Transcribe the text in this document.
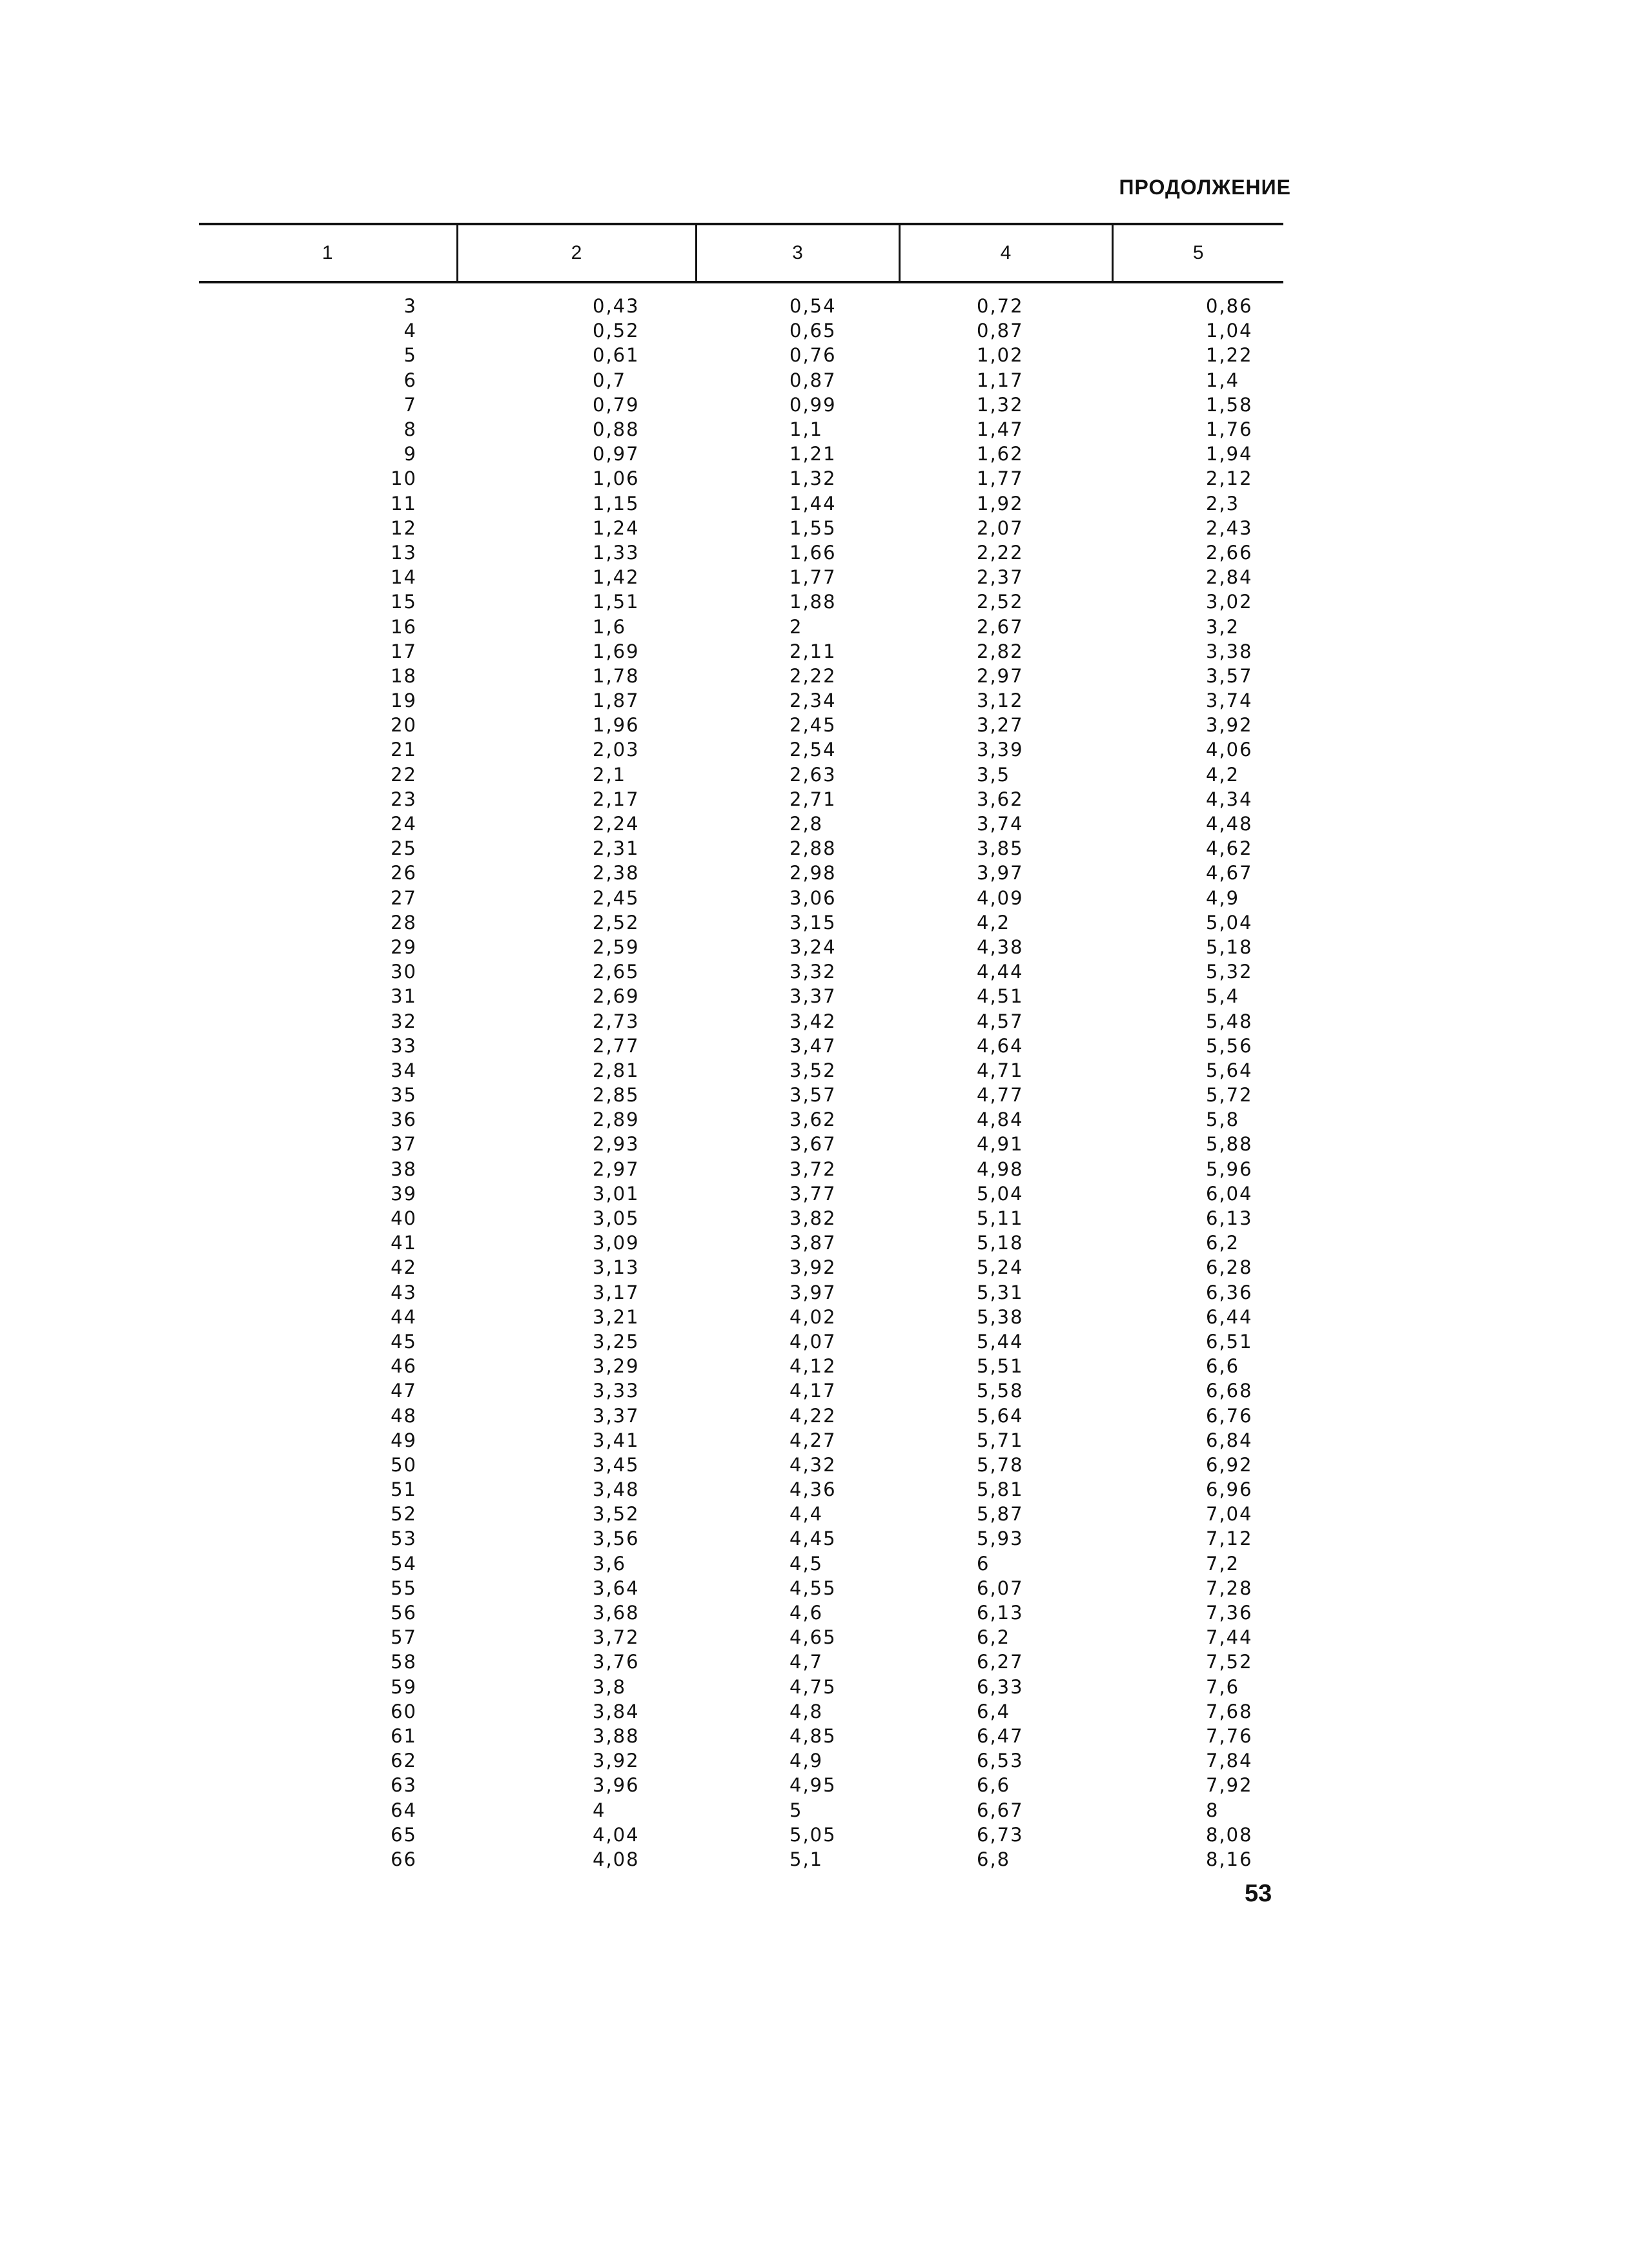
ПРОДОЛЖЕНИЕ
1	2	3	4	5

3	0,43	0,54	0,72	0,86
4	0,52	0,65	0,87	1,04
5	0,61	0,76	1,02	1,22
6	0,7	0,87	1,17	1,4
7	0,79	0,99	1,32	1,58
8	0,88	1,1	1,47	1,76
9	0,97	1,21	1,62	1,94
10	1,06	1,32	1,77	2,12
11	1,15	1,44	1,92	2,3
12	1,24	1,55	2,07	2,43
13	1,33	1,66	2,22	2,66
14	1,42	1,77	2,37	2,84
15	1,51	1,88	2,52	3,02
16	1,6	2	2,67	3,2
17	1,69	2,11	2,82	3,38
18	1,78	2,22	2,97	3,57
19	1,87	2,34	3,12	3,74
20	1,96	2,45	3,27	3,92
21	2,03	2,54	3,39	4,06
22	2,1	2,63	3,5	4,2
23	2,17	2,71	3,62	4,34
24	2,24	2,8	3,74	4,48
25	2,31	2,88	3,85	4,62
26	2,38	2,98	3,97	4,67
27	2,45	3,06	4,09	4,9
28	2,52	3,15	4,2	5,04
29	2,59	3,24	4,38	5,18
30	2,65	3,32	4,44	5,32
31	2,69	3,37	4,51	5,4
32	2,73	3,42	4,57	5,48
33	2,77	3,47	4,64	5,56
34	2,81	3,52	4,71	5,64
35	2,85	3,57	4,77	5,72
36	2,89	3,62	4,84	5,8
37	2,93	3,67	4,91	5,88
38	2,97	3,72	4,98	5,96
39	3,01	3,77	5,04	6,04
40	3,05	3,82	5,11	6,13
41	3,09	3,87	5,18	6,2
42	3,13	3,92	5,24	6,28
43	3,17	3,97	5,31	6,36
44	3,21	4,02	5,38	6,44
45	3,25	4,07	5,44	6,51
46	3,29	4,12	5,51	6,6
47	3,33	4,17	5,58	6,68
48	3,37	4,22	5,64	6,76
49	3,41	4,27	5,71	6,84
50	3,45	4,32	5,78	6,92
51	3,48	4,36	5,81	6,96
52	3,52	4,4	5,87	7,04
53	3,56	4,45	5,93	7,12
54	3,6	4,5	6	7,2
55	3,64	4,55	6,07	7,28
56	3,68	4,6	6,13	7,36
57	3,72	4,65	6,2	7,44
58	3,76	4,7	6,27	7,52
59	3,8	4,75	6,33	7,6
60	3,84	4,8	6,4	7,68
61	3,88	4,85	6,47	7,76
62	3,92	4,9	6,53	7,84
63	3,96	4,95	6,6	7,92
64	4	5	6,67	8
65	4,04	5,05	6,73	8,08
66	4,08	5,1	6,8	8,16
53
